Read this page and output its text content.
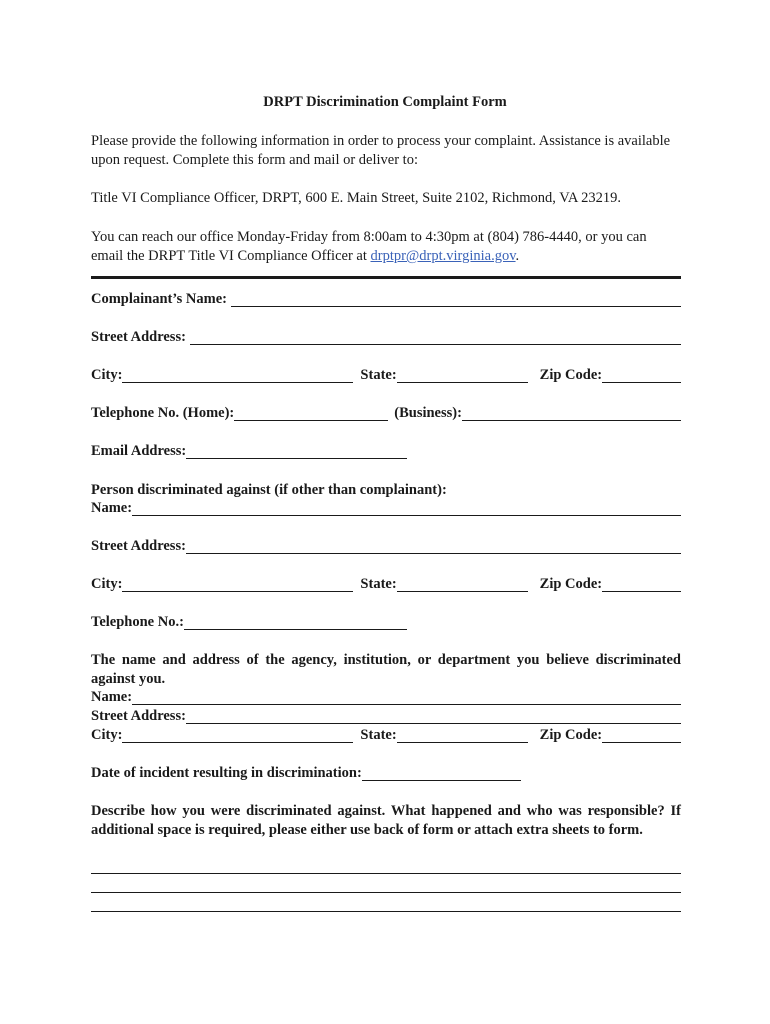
DRPT Discrimination Complaint Form

Please provide the following information in order to process your complaint. Assistance is available upon request. Complete this form and mail or deliver to:

Title VI Compliance Officer, DRPT, 600 E. Main Street, Suite 2102, Richmond, VA 23219.

You can reach our office Monday-Friday from 8:00am to 4:30pm at (804) 786-4440, or you can email the DRPT Title VI Compliance Officer at drptpr@drpt.virginia.gov.

Complainant’s Name:
Street Address:
City:	State:	Zip Code:
Telephone No. (Home):	(Business):
Email Address:
Person discriminated against (if other than complainant):
Name:
Street Address:
City:	State:	Zip Code:
Telephone No.:

The name and address of the agency, institution, or department you believe discriminated against you.

Name:
Street Address:
City:	State:	Zip Code:
Date of incident resulting in discrimination:

Describe how you were discriminated against. What happened and who was responsible? If additional space is required, please either use back of form or attach extra sheets to form.
